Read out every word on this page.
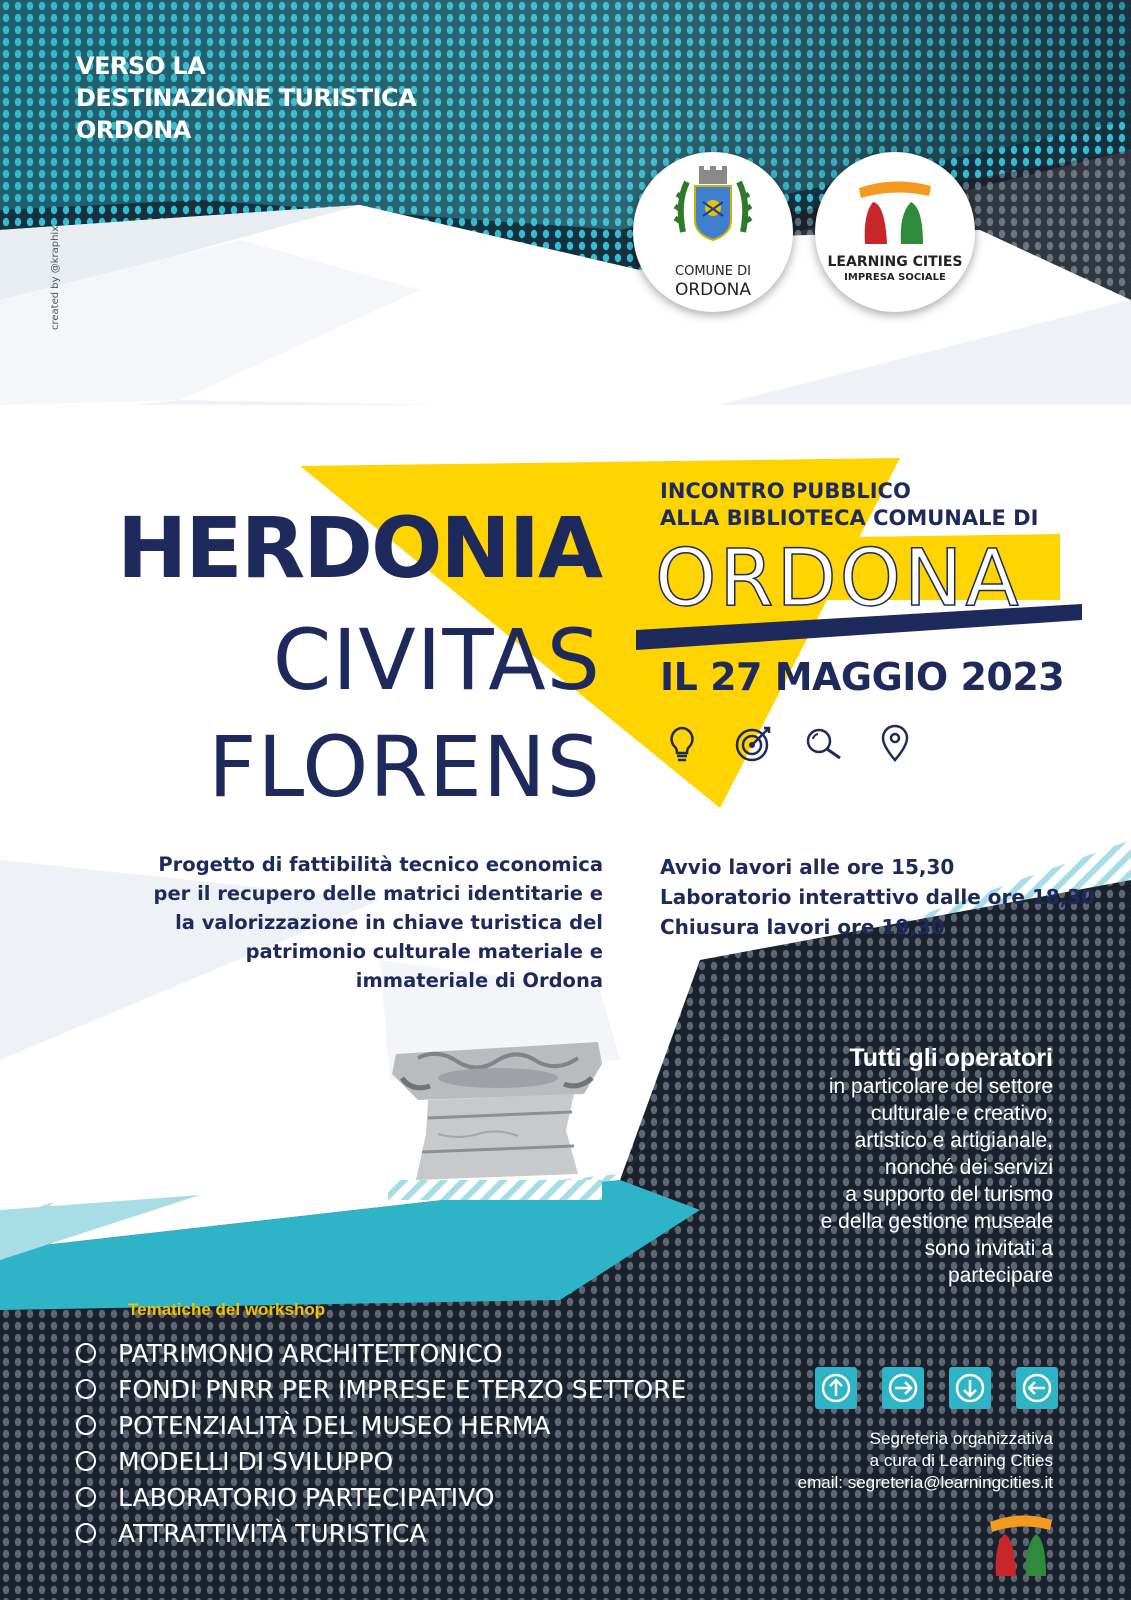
VERSO LA
DESTINAZIONE TURISTICA
ORDONA
created by @kraphix	COMUNE DI
ORDONA
LEARNING CITIES
IMPRESA SOCIALE
HERDONIA
CIVITAS
FLORENS
INCONTRO PUBBLICO
ALLA BIBLIOTECA COMUNALE DI
ORDONA
IL 27 MAGGIO 2023

Progetto di fattibilità tecnico economica
per il recupero delle matrici identitarie e
la valorizzazione in chiave turistica del
patrimonio culturale materiale e
immateriale di Ordona
Avvio lavori alle ore 15,30
Laboratorio interattivo dalle ore 18,30
Chiusura lavori ore 19,30
Tutti gli operatori
in particolare del settore
culturale e creativo,
artistico e artigianale,
nonché dei servizi
a supporto del turismo
e della gestione museale
sono invitati a
partecipare
Tematiche del workshop
PATRIMONIO ARCHITETTONICO
FONDI PNRR PER IMPRESE E TERZO SETTORE
POTENZIALITÀ DEL MUSEO HERMA
MODELLI DI SVILUPPO
LABORATORIO PARTECIPATIVO
ATTRATTIVITÀ TURISTICA

Segreteria organizzativa
a cura di Learning Cities
email: segreteria@learningcities.it
